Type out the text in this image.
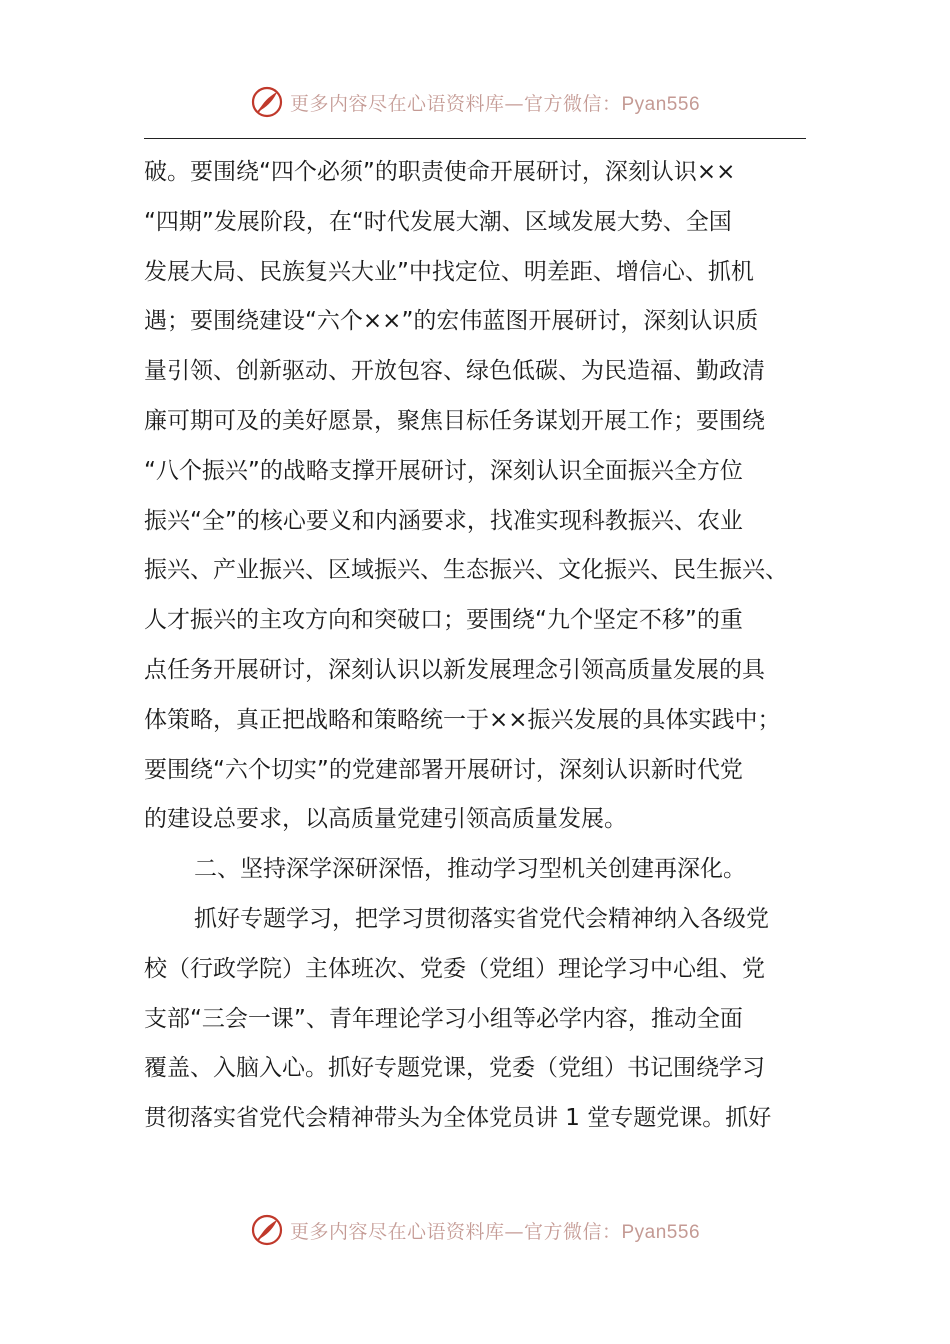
更多内容尽在心语资料库—官方微信：Pyan556
破。要围绕“四个必须”的职责使命开展研讨，深刻认识××
“四期”发展阶段，在“时代发展大潮、区域发展大势、全国
发展大局、民族复兴大业”中找定位、明差距、增信心、抓机
遇；要围绕建设“六个××”的宏伟蓝图开展研讨，深刻认识质
量引领、创新驱动、开放包容、绿色低碳、为民造福、勤政清
廉可期可及的美好愿景，聚焦目标任务谋划开展工作；要围绕
“八个振兴”的战略支撑开展研讨，深刻认识全面振兴全方位
振兴“全”的核心要义和内涵要求，找准实现科教振兴、农业
振兴、产业振兴、区域振兴、生态振兴、文化振兴、民生振兴、
人才振兴的主攻方向和突破口；要围绕“九个坚定不移”的重
点任务开展研讨，深刻认识以新发展理念引领高质量发展的具
体策略，真正把战略和策略统一于××振兴发展的具体实践中；
要围绕“六个切实”的党建部署开展研讨，深刻认识新时代党
的建设总要求，以高质量党建引领高质量发展。
二、坚持深学深研深悟，推动学习型机关创建再深化。
抓好专题学习，把学习贯彻落实省党代会精神纳入各级党
校（行政学院）主体班次、党委（党组）理论学习中心组、党
支部“三会一课”、青年理论学习小组等必学内容，推动全面
覆盖、入脑入心。抓好专题党课，党委（党组）书记围绕学习
贯彻落实省党代会精神带头为全体党员讲 1 堂专题党课。抓好
更多内容尽在心语资料库—官方微信：Pyan556
